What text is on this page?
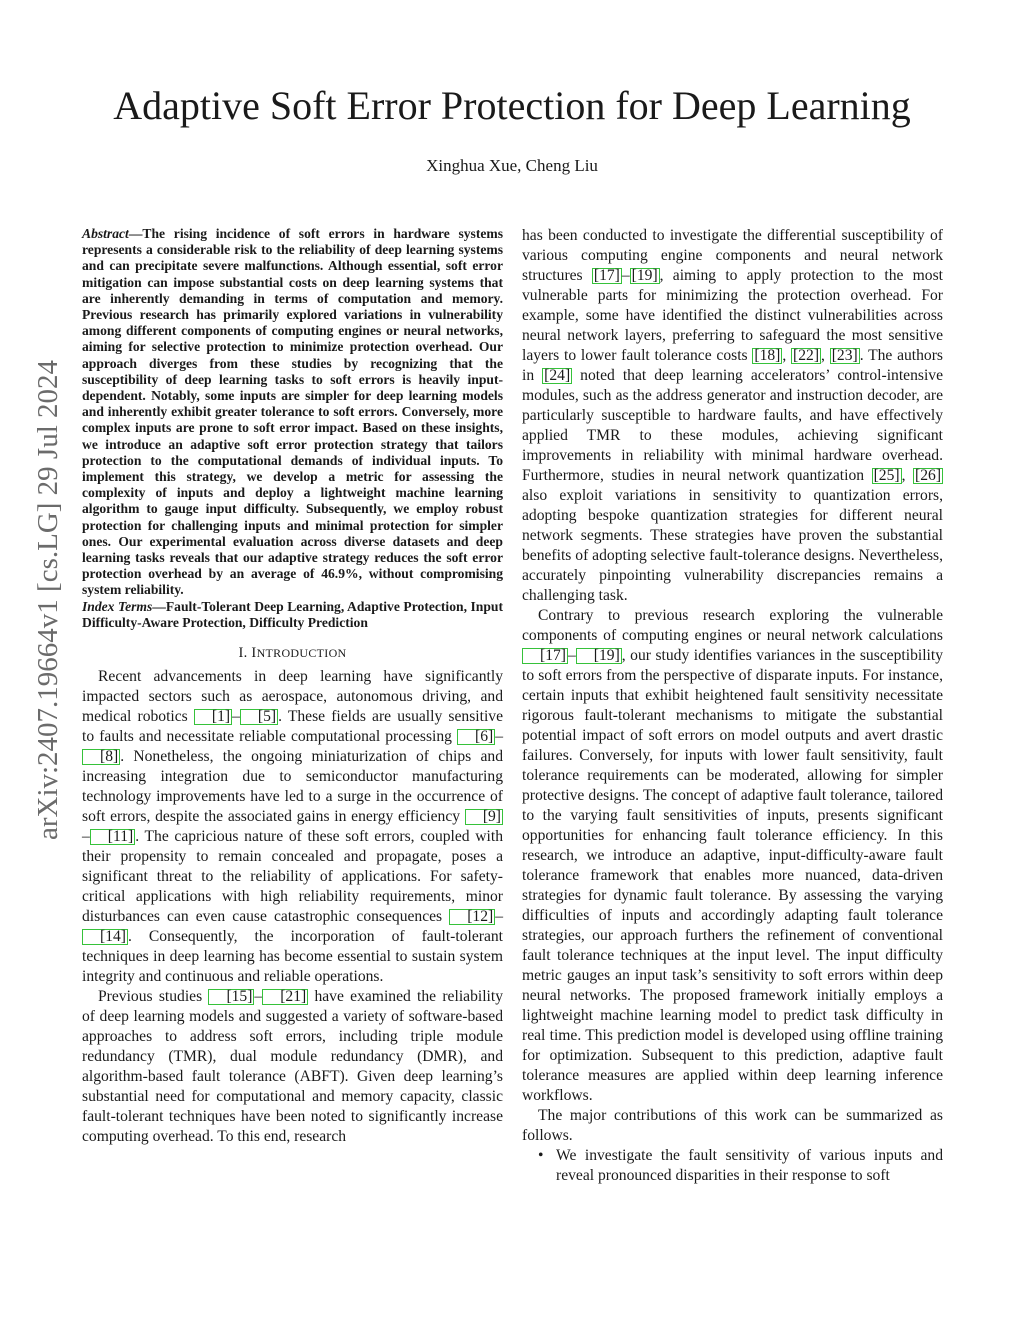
Adaptive Soft Error Protection for Deep Learning
Xinghua Xue, Cheng Liu
arXiv:2407.19664v1 [cs.LG] 29 Jul 2024

Abstract—The rising incidence of soft errors in hardware systems represents a considerable risk to the reliability of deep learning systems and can precipitate severe malfunctions. Although essential, soft error mitigation can impose substantial costs on deep learning systems that are inherently demanding in terms of computation and memory. Previous research has primarily explored variations in vulnerability among different components of computing engines or neural networks, aiming for selective protection to minimize protection overhead. Our approach diverges from these studies by recognizing that the susceptibility of deep learning tasks to soft errors is heavily input-dependent. Notably, some inputs are simpler for deep learning models and inherently exhibit greater tolerance to soft errors. Conversely, more complex inputs are prone to soft error impact. Based on these insights, we introduce an adaptive soft error protection strategy that tailors protection to the computational demands of individual inputs. To implement this strategy, we develop a metric for assessing the complexity of inputs and deploy a lightweight machine learning algorithm to gauge input difficulty. Subsequently, we employ robust protection for challenging inputs and minimal protection for simpler ones. Our experimental evaluation across diverse datasets and deep learning tasks reveals that our adaptive strategy reduces the soft error protection overhead by an average of 46.9%, without compromising system reliability.

Index Terms—Fault-Tolerant Deep Learning, Adaptive Protection, Input Difficulty-Aware Protection, Difficulty Prediction

I. INTRODUCTION

Recent advancements in deep learning have significantly impacted sectors such as aerospace, autonomous driving, and medical robotics [1] – [5] . These fields are usually sensitive to faults and necessitate reliable computational processing [6] –[8] . Nonetheless, the ongoing miniaturization of chips and increasing integration due to semiconductor manufacturing technology improvements have led to a surge in the occurrence of soft errors, despite the associated gains in energy efficiency [9]– [11] . The capricious nature of these soft errors, coupled with their propensity to remain concealed and propagate, poses a significant threat to the reliability of applications. For safety-critical applications with high reliability requirements, minor disturbances can even cause catastrophic consequences [12] –[14] . Consequently, the incorporation of fault-tolerant techniques in deep learning has become essential to sustain system integrity and continuous and reliable operations.

Previous studies [15] – [21] have examined the reliability of deep learning models and suggested a variety of software-based approaches to address soft errors, including triple module redundancy (TMR), dual module redundancy (DMR), and algorithm-based fault tolerance (ABFT). Given deep learning’s substantial need for computational and memory capacity, classic fault-tolerant techniques have been noted to significantly increase computing overhead. To this end, research

has been conducted to investigate the differential susceptibility of various computing engine components and neural network structures [17] – [19] , aiming to apply protection to the most vulnerable parts for minimizing the protection overhead. For example, some have identified the distinct vulnerabilities across neural network layers, preferring to safeguard the most sensitive layers to lower fault tolerance costs [18] , [22] , [23] . The authors in [24] noted that deep learning accelerators’ control-intensive modules, such as the address generator and instruction decoder, are particularly susceptible to hardware faults, and have effectively applied TMR to these modules, achieving significant improvements in reliability with minimal hardware overhead. Furthermore, studies in neural network quantization [25] , [26] also exploit variations in sensitivity to quantization errors, adopting bespoke quantization strategies for different neural network segments. These strategies have proven the substantial benefits of adopting selective fault-tolerance designs. Nevertheless, accurately pinpointing vulnerability discrepancies remains a challenging task.

Contrary to previous research exploring the vulnerable components of computing engines or neural network calculations [17] – [19] , our study identifies variances in the susceptibility to soft errors from the perspective of disparate inputs. For instance, certain inputs that exhibit heightened fault sensitivity necessitate rigorous fault-tolerant mechanisms to mitigate the substantial potential impact of soft errors on model outputs and avert drastic failures. Conversely, for inputs with lower fault sensitivity, fault tolerance requirements can be moderated, allowing for simpler protective designs. The concept of adaptive fault tolerance, tailored to the varying fault sensitivities of inputs, presents significant opportunities for enhancing fault tolerance efficiency. In this research, we introduce an adaptive, input-difficulty-aware fault tolerance framework that enables more nuanced, data-driven strategies for dynamic fault tolerance. By assessing the varying difficulties of inputs and accordingly adapting fault tolerance strategies, our approach furthers the refinement of conventional fault tolerance techniques at the input level. The input difficulty metric gauges an input task’s sensitivity to soft errors within deep neural networks. The proposed framework initially employs a lightweight machine learning model to predict task difficulty in real time. This prediction model is developed using offline training for optimization. Subsequent to this prediction, adaptive fault tolerance measures are applied within deep learning inference workflows.

The major contributions of this work can be summarized as follows.

• We investigate the fault sensitivity of various inputs and reveal pronounced disparities in their response to soft
